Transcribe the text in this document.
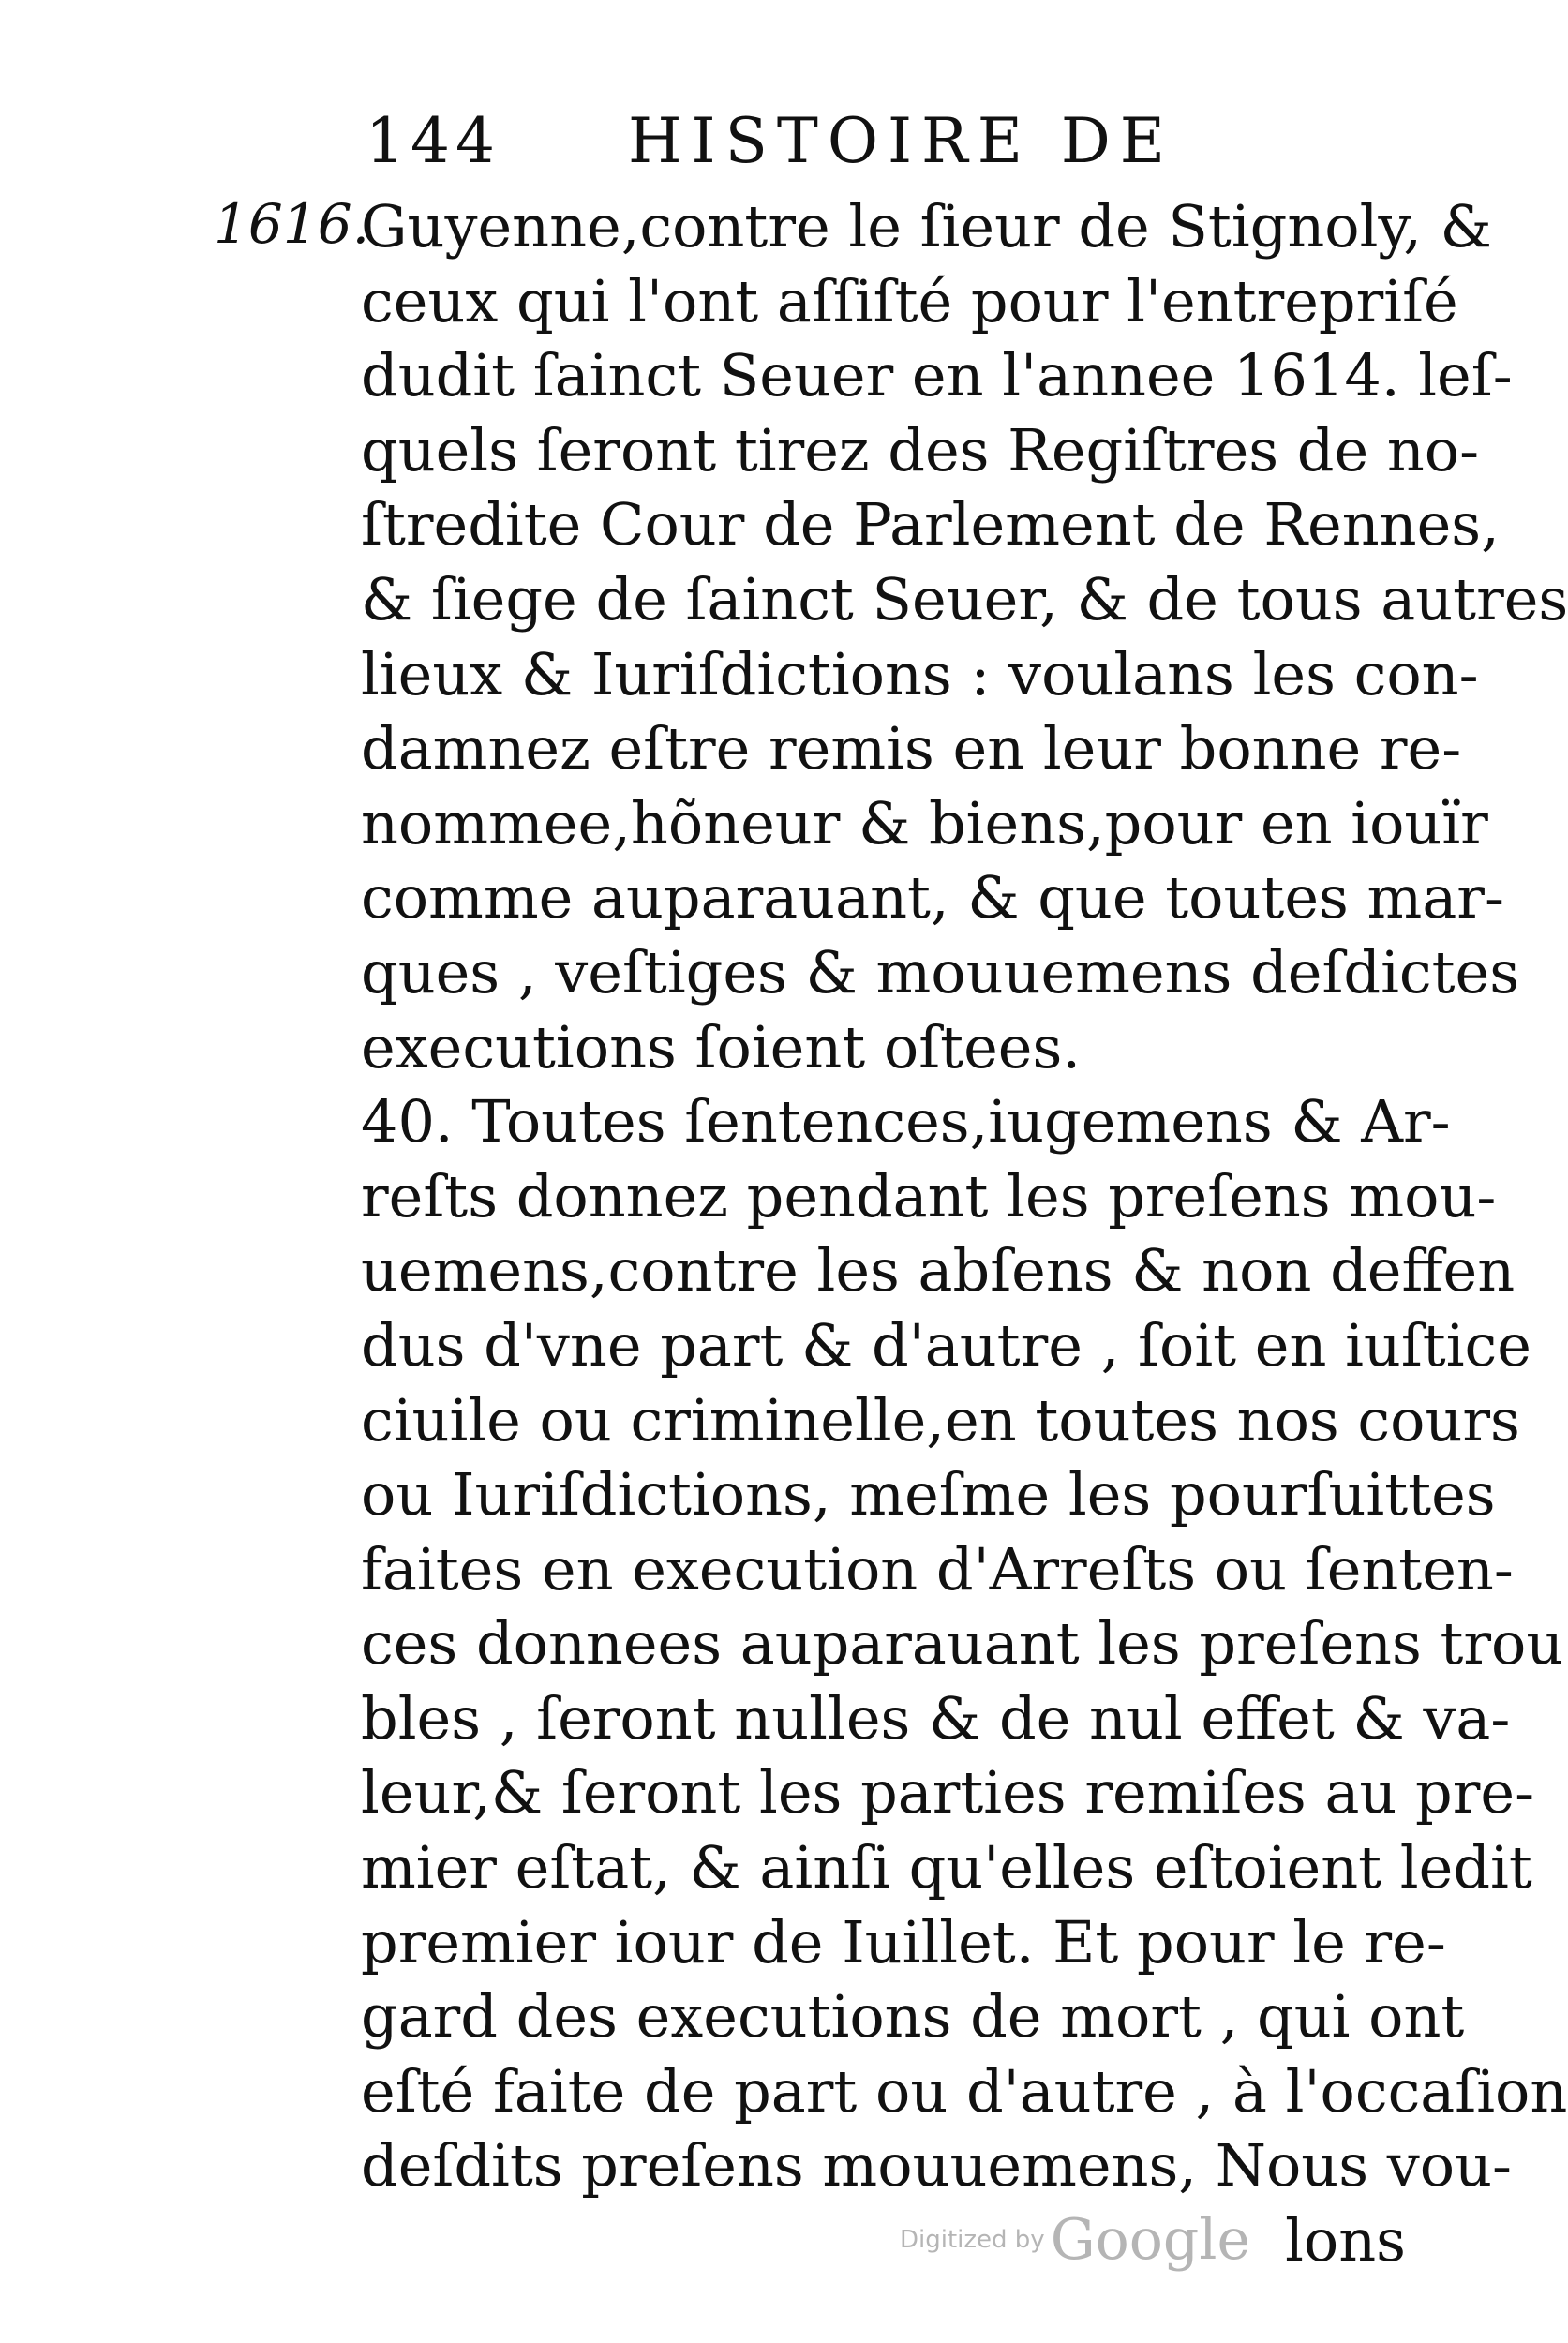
144 HISTOIRE DE
1616.
Guyenne,contre le ſieur de Stignoly, &
ceux qui l'ont aſſiſté pour l'entrepriſé
dudit ſainct Seuer en l'annee 1614. leſ-
quels ſeront tirez des Regiſtres de no-
ſtredite Cour de Parlement de Rennes,
& ſiege de ſainct Seuer, & de tous autres
lieux & Iuriſdictions : voulans les con-
damnez eſtre remis en leur bonne re-
nommee,hõneur & biens,pour en iouïr
comme auparauant, & que toutes mar-
ques , veſtiges & mouuemens deſdictes
executions ſoient oſtees.
40. Toutes ſentences,iugemens & Ar-
reſts donnez pendant les preſens mou-
uemens,contre les abſens & non deffen
dus d'vne part & d'autre , ſoit en iuſtice
ciuile ou criminelle,en toutes nos cours
ou Iuriſdictions, meſme les pourſuittes
faites en execution d'Arreſts ou ſenten-
ces donnees auparauant les preſens trou
bles , ſeront nulles & de nul effet & va-
leur,& ſeront les parties remiſes au pre-
mier eſtat, & ainſi qu'elles eſtoient ledit
premier iour de Iuillet. Et pour le re-
gard des executions de mort , qui ont
eſté faite de part ou d'autre , à l'occaſion
deſdits preſens mouuemens, Nous vou-
lons
Digitized by Google
